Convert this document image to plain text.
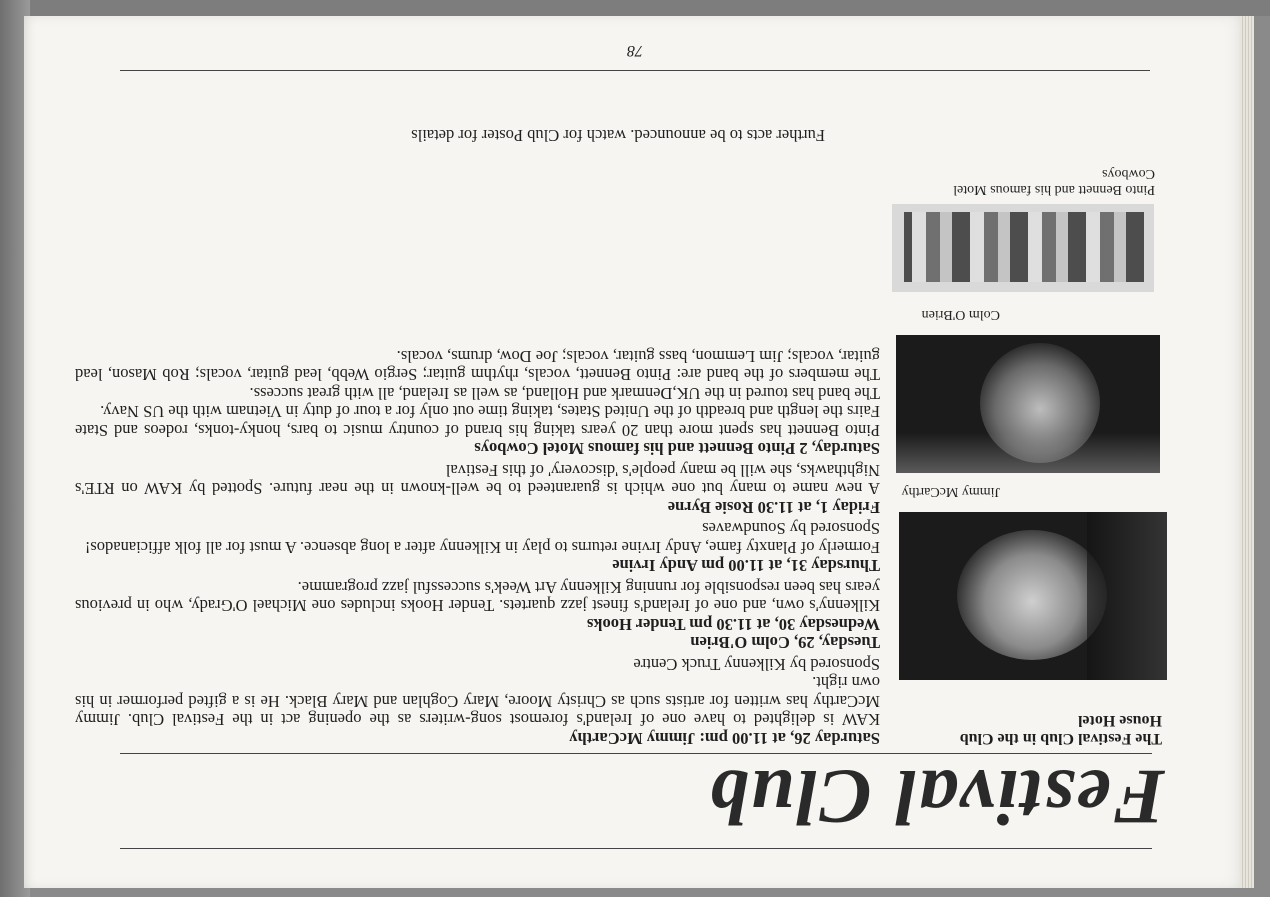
78
Festival Club
The Festival Club in the Club House Hotel
Jimmy McCarthy
Colm O'Brien
Pinto Bennett and his famous Motel Cowboys

Saturday 26, at 11.00 pm: Jimmy McCarthy

KAW is delighted to have one of Ireland's foremost song-writers as the opening act in the Festival Club. Jimmy McCarthy has written for artists such as Christy Moore, Mary Coghlan and Mary Black. He is a gifted performer in his own right.

Sponsored by Kilkenny Truck Centre

Tuesday, 29, Colm O'Brien

Wednesday 30, at 11.30 pm Tender Hooks

Kilkenny's own, and one of Ireland's finest jazz quartets. Tender Hooks includes one Michael O'Grady, who in previous years has been responsible for running Kilkenny Art Week's successful jazz programme.

Thursday 31, at 11.00 pm Andy Irvine

Formerly of Planxty fame, Andy Irvine returns to play in Kilkenny after a long absence. A must for all folk afficianados!

Sponsored by Soundwaves

Friday 1, at 11.30 Rosie Byrne

A new name to many but one which is guaranteed to be well-known in the near future. Spotted by KAW on RTE's Nighthawks, she will be many people's 'discovery' of this Festival

Saturday, 2 Pinto Bennett and his famous Motel Cowboys

Pinto Bennett has spent more than 20 years taking his brand of country music to bars, honky-tonks, rodeos and State Fairs the length and breadth of the United States, taking time out only for a tour of duty in Vietnam with the US Navy.

The band has toured in the UK,Denmark and Holland, as well as Ireland, all with great success.

The members of the band are: Pinto Bennett, vocals, rhythm guitar; Sergio Webb, lead guitar, vocals; Rob Mason, lead guitar, vocals; Jim Lemmon, bass guitar, vocals; Joe Dow, drums, vocals.

Further acts to be announced. watch for Club Poster for details
